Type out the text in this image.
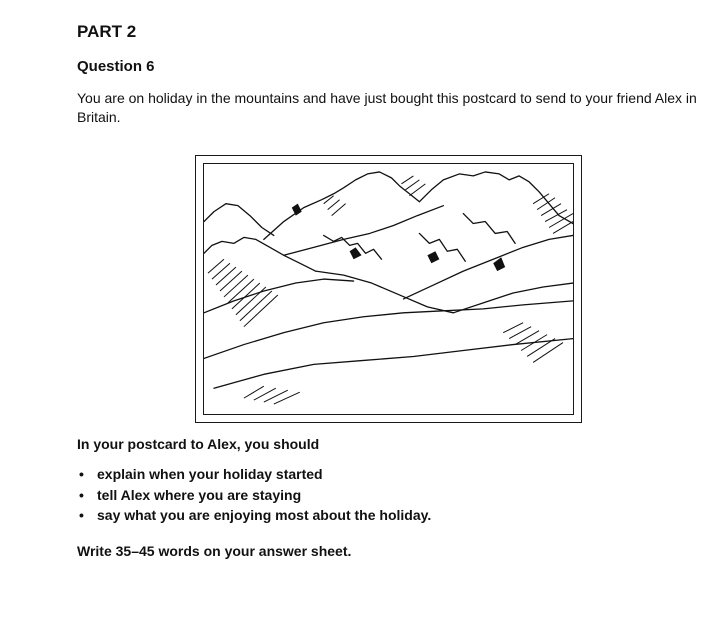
PART 2
Question 6

You are on holiday in the mountains and have just bought this postcard to send to your friend Alex in Britain.

In your postcard to Alex, you should

• explain when your holiday started
• tell Alex where you are staying
• say what you are enjoying most about the holiday.

Write 35–45 words on your answer sheet.
